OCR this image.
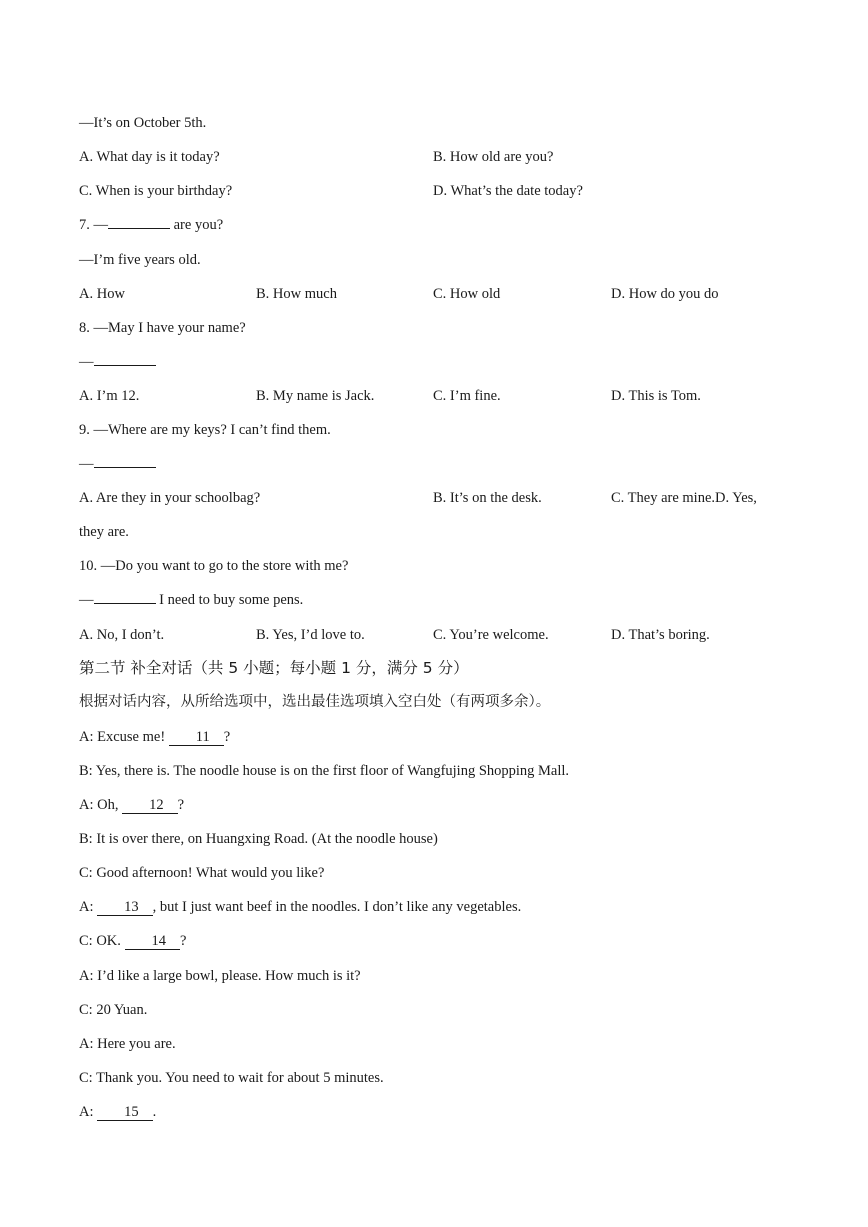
—It’s on October 5th.
A. What day is it today?	B. How old are you?
C. When is your birthday?	D. What’s the date today?
7. —	are you?
—I’m five years old.
A. How	B. How much	C. How old	D. How do you do
8. —May I have your name?
—
A. I’m 12.	B. My name is Jack.	C. I’m fine.	D. This is Tom.
9. —Where are my keys? I can’t find them.
—
A. Are they in your schoolbag?	B. It’s on the desk.	C. They are mine.D. Yes,
they are.
10. —Do you want to go to the store with me?
—	I need to buy some pens.
A. No, I don’t.	B. Yes, I’d love to.	C. You’re welcome.	D. That’s boring.
第二节 补全对话（共 5 小题；每小题 1 分，满分 5 分）
根据对话内容，从所给选项中，选出最佳选项填入空白处（有两项多余）。
A: Excuse me! 11 ?
B: Yes, there is. The noodle house is on the first floor of Wangfujing Shopping Mall.
A: Oh, 12 ?
B: It is over there, on Huangxing Road. (At the noodle house)
C: Good afternoon! What would you like?
A: 13 , but I just want beef in the noodles. I don’t like any vegetables.
C: OK. 14 ?
A: I’d like a large bowl, please. How much is it?
C: 20 Yuan.
A: Here you are.
C: Thank you. You need to wait for about 5 minutes.
A: 15 .
